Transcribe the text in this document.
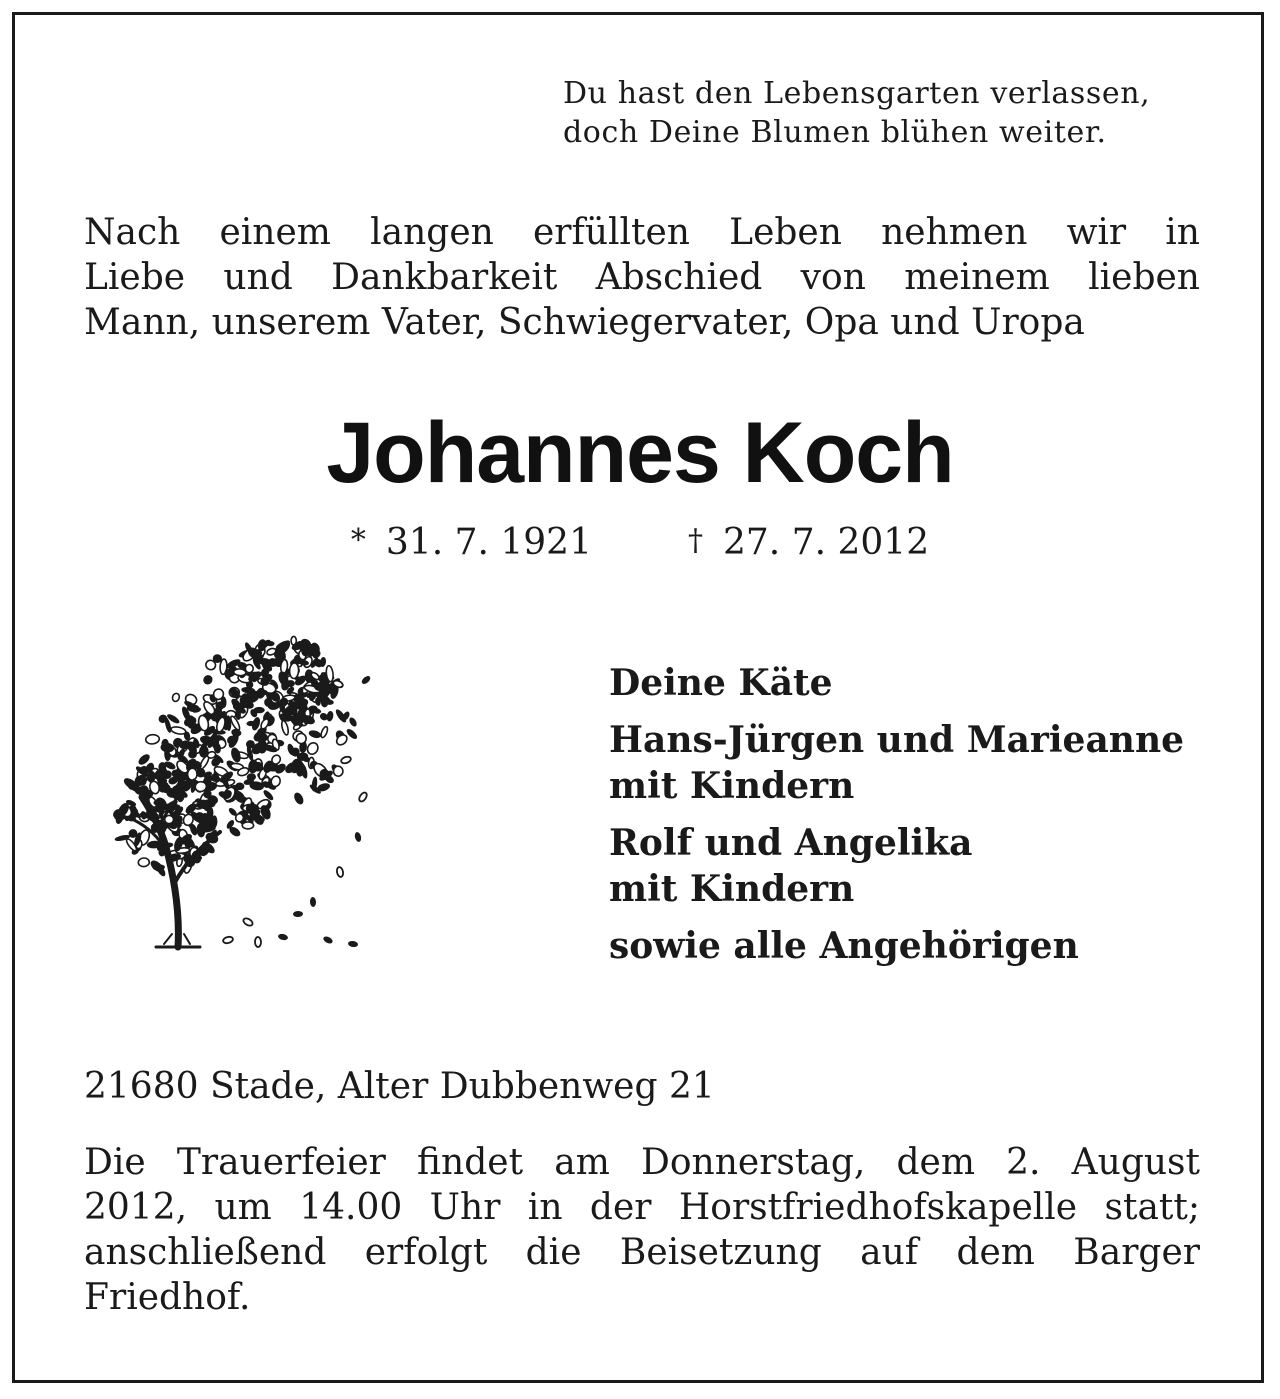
Du hast den Lebensgarten verlassen,
doch Deine Blumen blühen weiter.
Nach einem langen erfüllten Leben nehmen wir in
Liebe und Dankbarkeit Abschied von meinem lieben
Mann, unserem Vater, Schwiegervater, Opa und Uropa
Johannes Koch
* 31. 7. 1921	† 27. 7. 2012
Deine Käte
Hans-Jürgen und Marieanne
mit Kindern
Rolf und Angelika
mit Kindern
sowie alle Angehörigen
21680 Stade, Alter Dubbenweg 21
Die Trauerfeier findet am Donnerstag, dem 2. August
2012, um 14.00 Uhr in der Horstfriedhofskapelle statt;
anschließend erfolgt die Beisetzung auf dem Barger
Friedhof.
